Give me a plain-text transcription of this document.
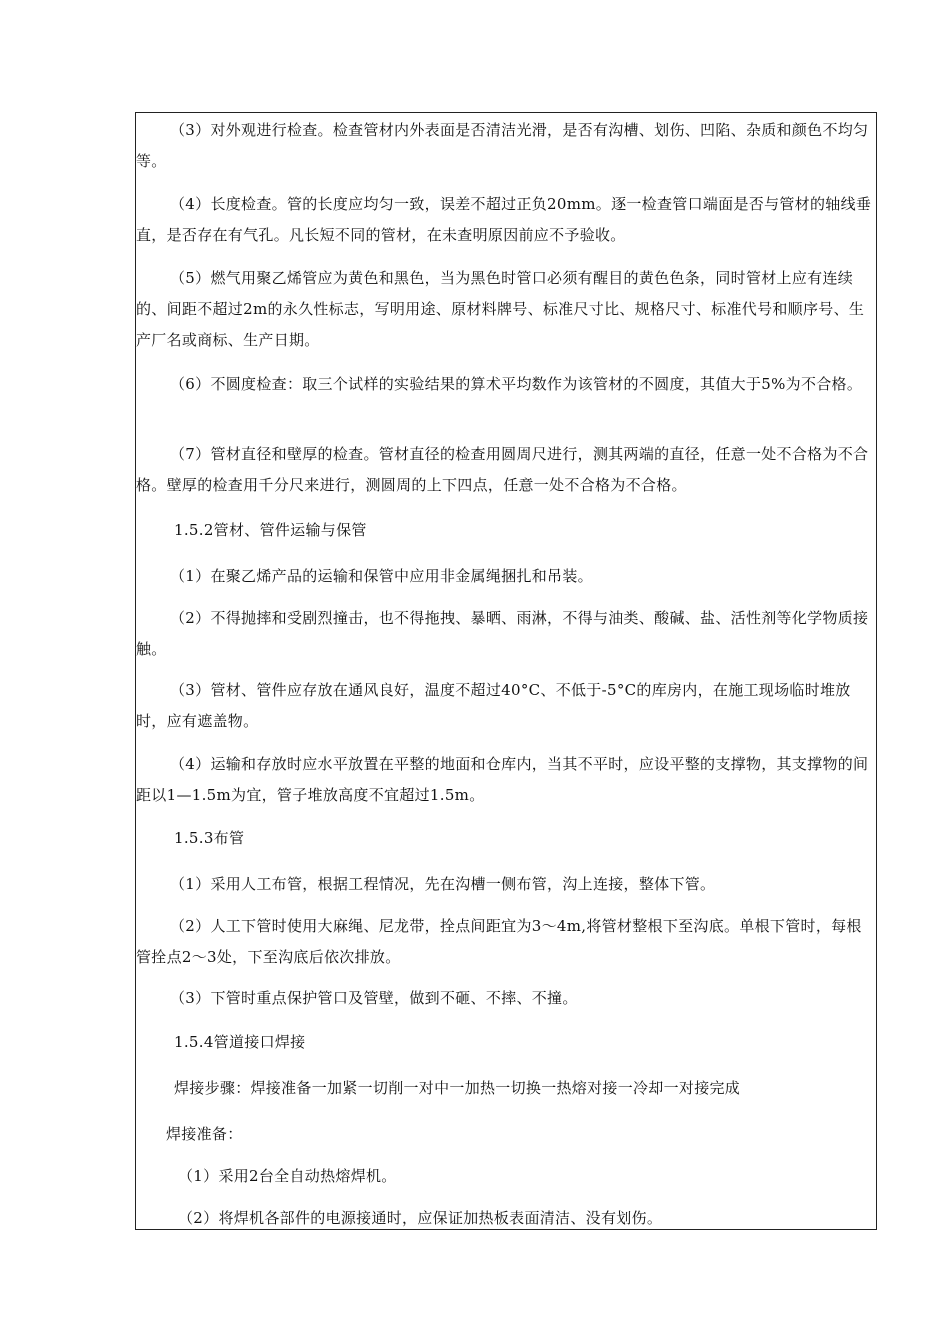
（3）对外观进行检查。检查管材内外表面是否清洁光滑，是否有沟槽、划伤、凹陷、杂质和颜色不均匀等。

（4）长度检查。管的长度应均匀一致，误差不超过正负20mm。逐一检查管口端面是否与管材的轴线垂直，是否存在有气孔。凡长短不同的管材，在未查明原因前应不予验收。

（5）燃气用聚乙烯管应为黄色和黑色，当为黑色时管口必须有醒目的黄色色条，同时管材上应有连续的、间距不超过2m的永久性标志，写明用途、原材料牌号、标准尺寸比、规格尺寸、标准代号和顺序号、生产厂名或商标、生产日期。

（6）不圆度检查：取三个试样的实验结果的算术平均数作为该管材的不圆度，其值大于5%为不合格。

（7）管材直径和壁厚的检查。管材直径的检查用圆周尺进行，测其两端的直径，任意一处不合格为不合格。壁厚的检查用千分尺来进行，测圆周的上下四点，任意一处不合格为不合格。

1.5.2管材、管件运输与保管

（1）在聚乙烯产品的运输和保管中应用非金属绳捆扎和吊装。

（2）不得抛摔和受剧烈撞击，也不得拖拽、暴晒、雨淋，不得与油类、酸碱、盐、活性剂等化学物质接触。

（3）管材、管件应存放在通风良好，温度不超过40°C、不低于-5°C的库房内，在施工现场临时堆放时，应有遮盖物。

（4）运输和存放时应水平放置在平整的地面和仓库内，当其不平时，应设平整的支撑物，其支撑物的间距以1—1.5m为宜，管子堆放高度不宜超过1.5m。

1.5.3布管

（1）采用人工布管，根据工程情况，先在沟槽一侧布管，沟上连接，整体下管。

（2）人工下管时使用大麻绳、尼龙带，拴点间距宜为3～4m,将管材整根下至沟底。单根下管时，每根管拴点2～3处，下至沟底后依次排放。

（3）下管时重点保护管口及管壁，做到不砸、不摔、不撞。

1.5.4管道接口焊接

焊接步骤：焊接准备一加紧一切削一对中一加热一切换一热熔对接一冷却一对接完成

焊接准备：

（1）采用2台全自动热熔焊机。

（2）将焊机各部件的电源接通时，应保证加热板表面清洁、没有划伤。
